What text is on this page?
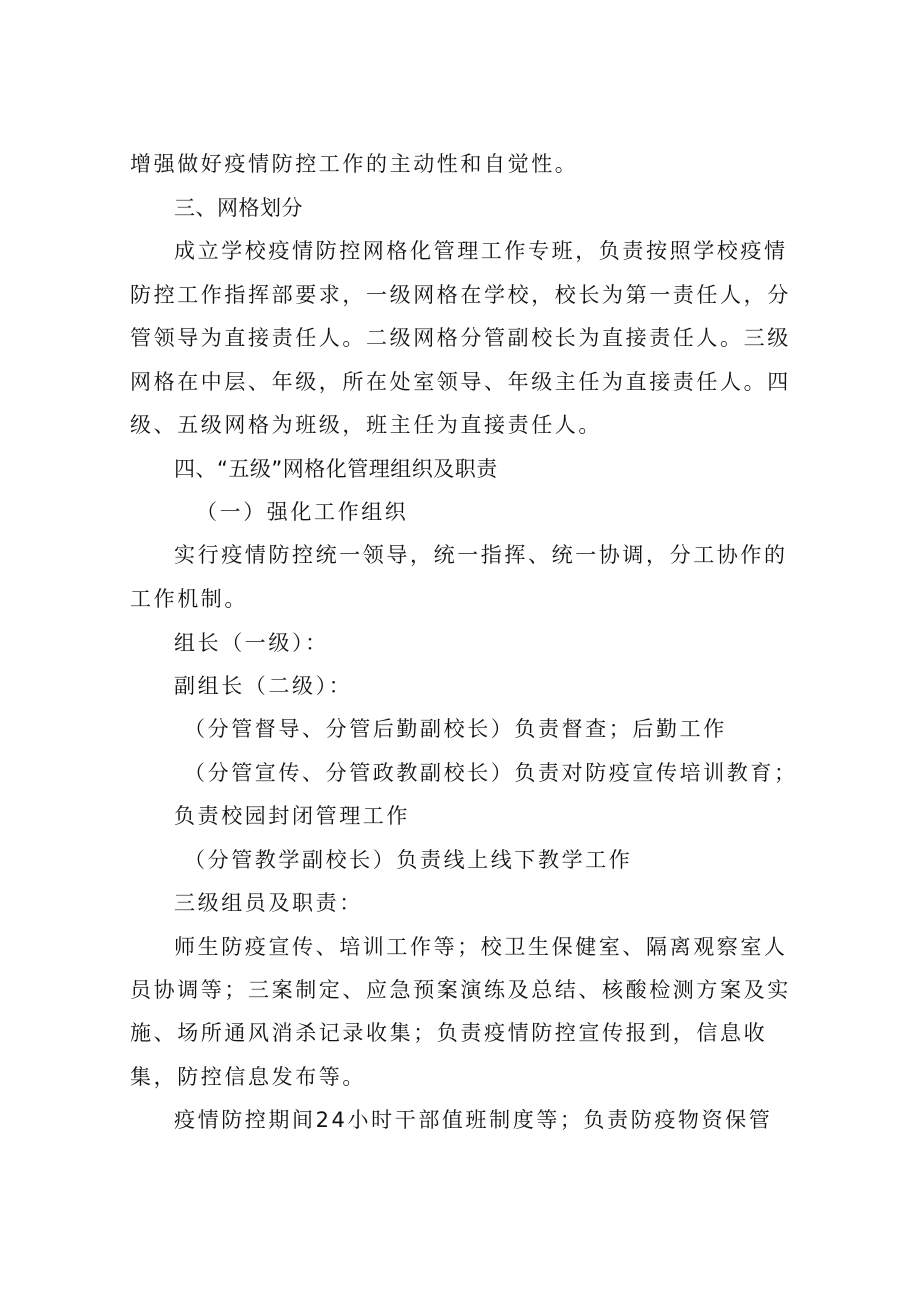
增强做好疫情防控工作的主动性和自觉性。
三、网格划分
成立学校疫情防控网格化管理工作专班，负责按照学校疫情
防控工作指挥部要求，一级网格在学校，校长为第一责任人，分
管领导为直接责任人。二级网格分管副校长为直接责任人。三级
网格在中层、年级，所在处室领导、年级主任为直接责任人。四
级、五级网格为班级，班主任为直接责任人。
四、“五级”网格化管理组织及职责
（一）强化工作组织
实行疫情防控统一领导，统一指挥、统一协调，分工协作的
工作机制。
组长（一级）：
副组长（二级）：
（分管督导、分管后勤副校长）负责督查；后勤工作
（分管宣传、分管政教副校长）负责对防疫宣传培训教育；
负责校园封闭管理工作
（分管教学副校长）负责线上线下教学工作
三级组员及职责：
师生防疫宣传、培训工作等；校卫生保健室、隔离观察室人
员协调等；三案制定、应急预案演练及总结、核酸检测方案及实
施、场所通风消杀记录收集；负责疫情防控宣传报到，信息收
集，防控信息发布等。
疫情防控期间24小时干部值班制度等；负责防疫物资保管
